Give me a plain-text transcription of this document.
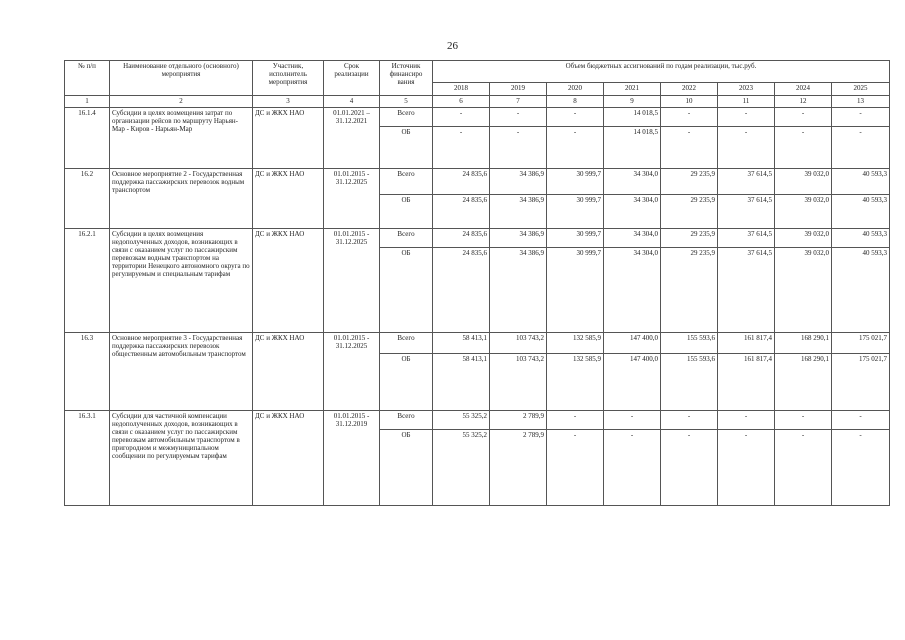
26
№ п/п	Наименование отдельного (основного) мероприятия	Участник, исполнитель мероприятия	Срок реализации	Источник финансиро вания	Объем бюджетных ассигнований по годам реализации, тыс.руб.							
					2018	2019	2020	2021	2022	2023	2024	2025
1	2	3	4	5	6	7	8	9	10	11	12	13
16.1.4	Субсидии в целях возмещения затрат по организации рейсов по маршруту Нарьян-Мар - Киров - Нарьян-Мар	ДС и ЖКХ НАО	01.01.2021 – 31.12.2021	Всего	-	-	-	14 018,5	-	-	-	-
				ОБ	-	-	-	14 018,5	-	-	-	-
16.2	Основное мероприятие 2 - Государственная поддержка пассажирских перевозок водным транспортом	ДС и ЖКХ НАО	01.01.2015 - 31.12.2025	Всего	24 835,6	34 386,9	30 999,7	34 304,0	29 235,9	37 614,5	39 032,0	40 593,3
				ОБ	24 835,6	34 386,9	30 999,7	34 304,0	29 235,9	37 614,5	39 032,0	40 593,3
16.2.1	Субсидии в целях возмещения недополученных доходов, возникающих в связи с оказанием услуг по пассажирским перевозкам водным транспортом на территории Ненецкого автономного округа по регулируемым и специальным тарифам	ДС и ЖКХ НАО	01.01.2015 - 31.12.2025	Всего	24 835,6	34 386,9	30 999,7	34 304,0	29 235,9	37 614,5	39 032,0	40 593,3
				ОБ	24 835,6	34 386,9	30 999,7	34 304,0	29 235,9	37 614,5	39 032,0	40 593,3
16.3	Основное мероприятие 3 - Государственная поддержка пассажирских перевозок общественным автомобильным транспортом	ДС и ЖКХ НАО	01.01.2015 - 31.12.2025	Всего	58 413,1	103 743,2	132 585,9	147 400,0	155 593,6	161 817,4	168 290,1	175 021,7
				ОБ	58 413,1	103 743,2	132 585,9	147 400,0	155 593,6	161 817,4	168 290,1	175 021,7
16.3.1	Субсидии для частичной компенсации недополученных доходов, возникающих в связи с оказанием услуг по пассажирским перевозкам автомобильным транспортом в пригородном и межмуниципальном сообщении по регулируемым тарифам	ДС и ЖКХ НАО	01.01.2015 - 31.12.2019	Всего	55 325,2	2 789,9	-	-	-	-	-	-
				ОБ	55 325,2	2 789,9	-	-	-	-	-	-
